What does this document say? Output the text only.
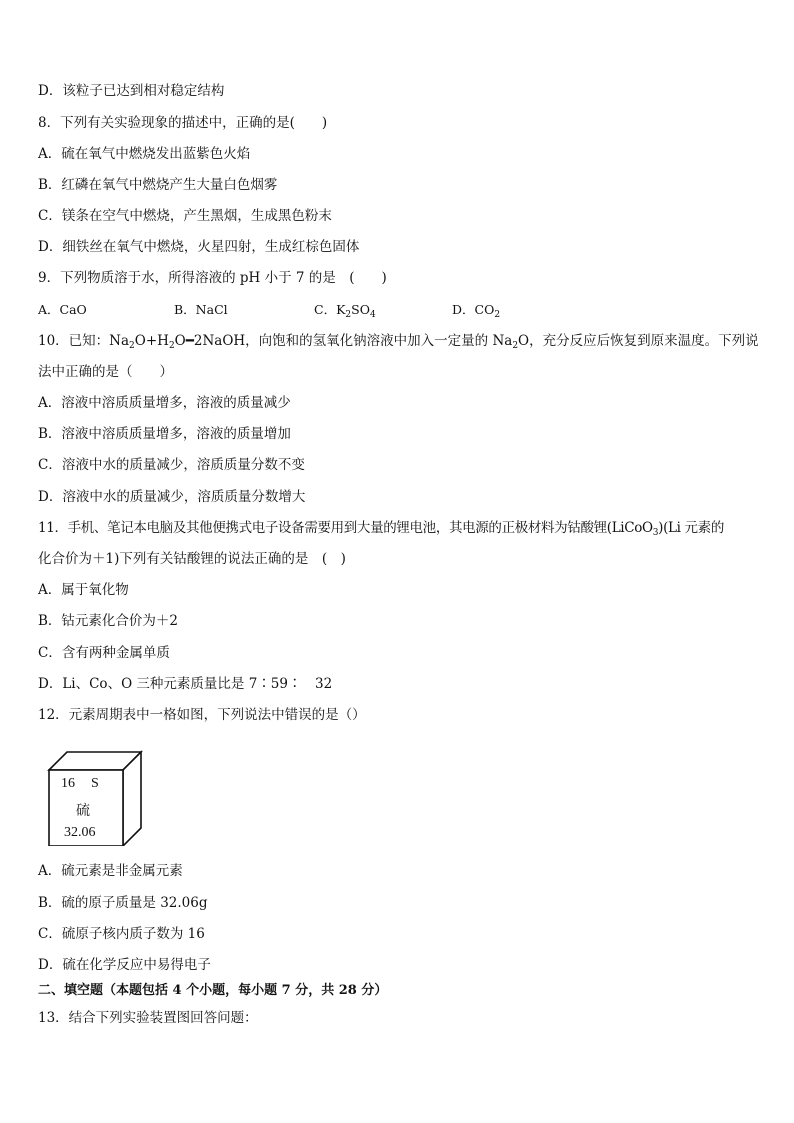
D．该粒子已达到相对稳定结构
8．下列有关实验现象的描述中，正确的是(　　)
A．硫在氧气中燃烧发出蓝紫色火焰
B．红磷在氧气中燃烧产生大量白色烟雾
C．镁条在空气中燃烧，产生黑烟，生成黑色粉末
D．细铁丝在氧气中燃烧，火星四射，生成红棕色固体
9．下列物质溶于水，所得溶液的 pH 小于 7 的是　(　　)
A．CaO	B．NaCl	C．$K_2SO_4$	D．$CO_2$
10．已知：$Na_2O+H_2O━2NaOH$，向饱和的氢氧化钠溶液中加入一定量的 $Na_2O$，充分反应后恢复到原来温度。下列说
法中正确的是（　　）
A．溶液中溶质质量增多，溶液的质量减少
B．溶液中溶质质量增多，溶液的质量增加
C．溶液中水的质量减少，溶质质量分数不变
D．溶液中水的质量减少，溶质质量分数增大
11．手机、笔记本电脑及其他便携式电子设备需要用到大量的锂电池，其电源的正极材料为钴酸锂(LiCoO$_3$)(Li 元素的
化合价为＋1)下列有关钴酸锂的说法正确的是　(　)
A．属于氧化物
B．钴元素化合价为＋2
C．含有两种金属单质
D．Li、Co、O 三种元素质量比是 7∶59∶　32
12．元素周期表中一格如图，下列说法中错误的是（）
16 S
硫
32.06
A．硫元素是非金属元素
B．硫的原子质量是 32.06g
C．硫原子核内质子数为 16
D．硫在化学反应中易得电子
二、填空题（本题包括 4 个小题，每小题 7 分，共 28 分）
13．结合下列实验装置图回答问题：
